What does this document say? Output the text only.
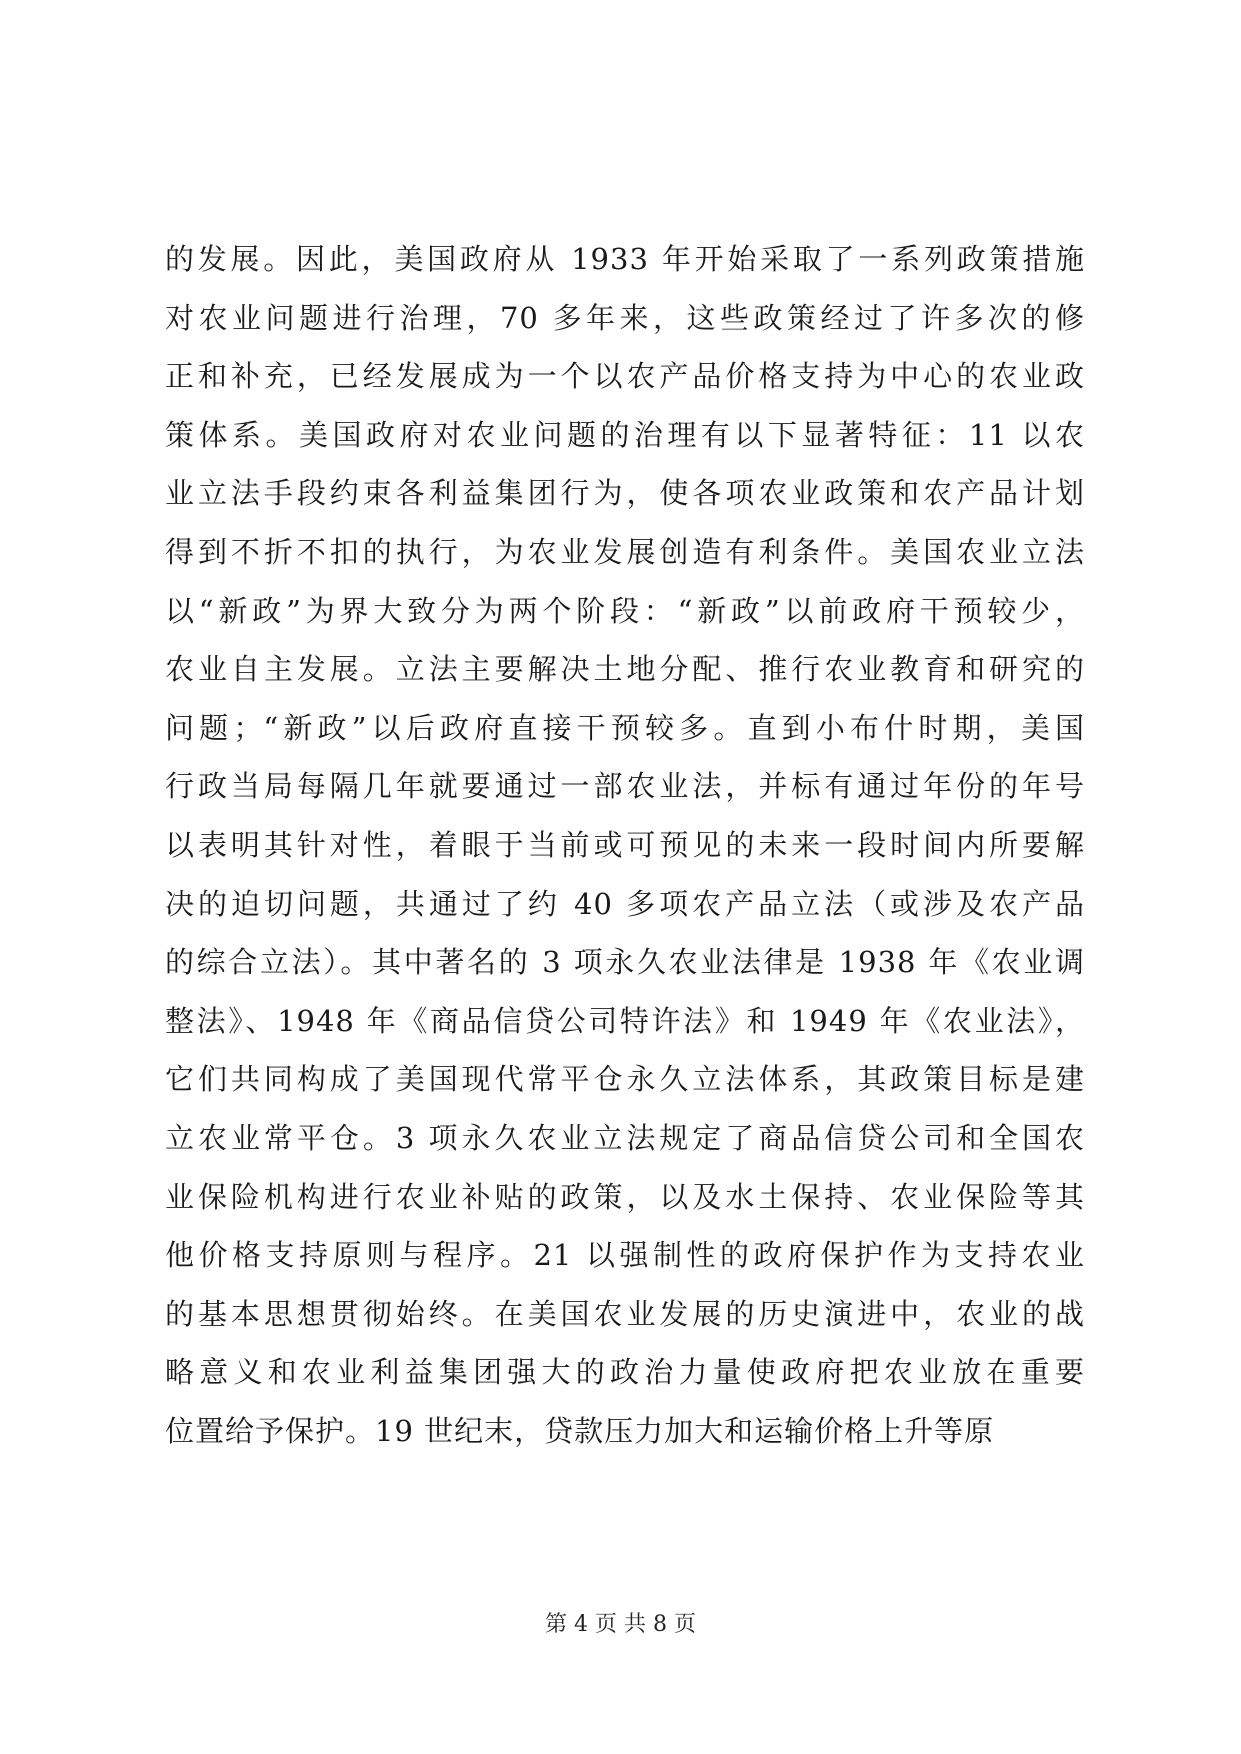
的发展。因此，美国政府从 1933 年开始采取了一系列政策措施
对农业问题进行治理，70 多年来，这些政策经过了许多次的修
正和补充，已经发展成为一个以农产品价格支持为中心的农业政
策体系。美国政府对农业问题的治理有以下显著特征：11 以农
业立法手段约束各利益集团行为，使各项农业政策和农产品计划
得到不折不扣的执行，为农业发展创造有利条件。美国农业立法
以“新政”为界大致分为两个阶段：“新政”以前政府干预较少，
农业自主发展。立法主要解决土地分配、推行农业教育和研究的
问题；“新政”以后政府直接干预较多。直到小布什时期，美国
行政当局每隔几年就要通过一部农业法，并标有通过年份的年号
以表明其针对性，着眼于当前或可预见的未来一段时间内所要解
决的迫切问题，共通过了约 40 多项农产品立法（或涉及农产品
的综合立法）。其中著名的 3 项永久农业法律是 1938 年《农业调
整法》、1948 年《商品信贷公司特许法》和 1949 年《农业法》，
它们共同构成了美国现代常平仓永久立法体系，其政策目标是建
立农业常平仓。3 项永久农业立法规定了商品信贷公司和全国农
业保险机构进行农业补贴的政策，以及水土保持、农业保险等其
他价格支持原则与程序。21 以强制性的政府保护作为支持农业
的基本思想贯彻始终。在美国农业发展的历史演进中，农业的战
略意义和农业利益集团强大的政治力量使政府把农业放在重要
位置给予保护。19 世纪末，贷款压力加大和运输价格上升等原
第 4 页 共 8 页
